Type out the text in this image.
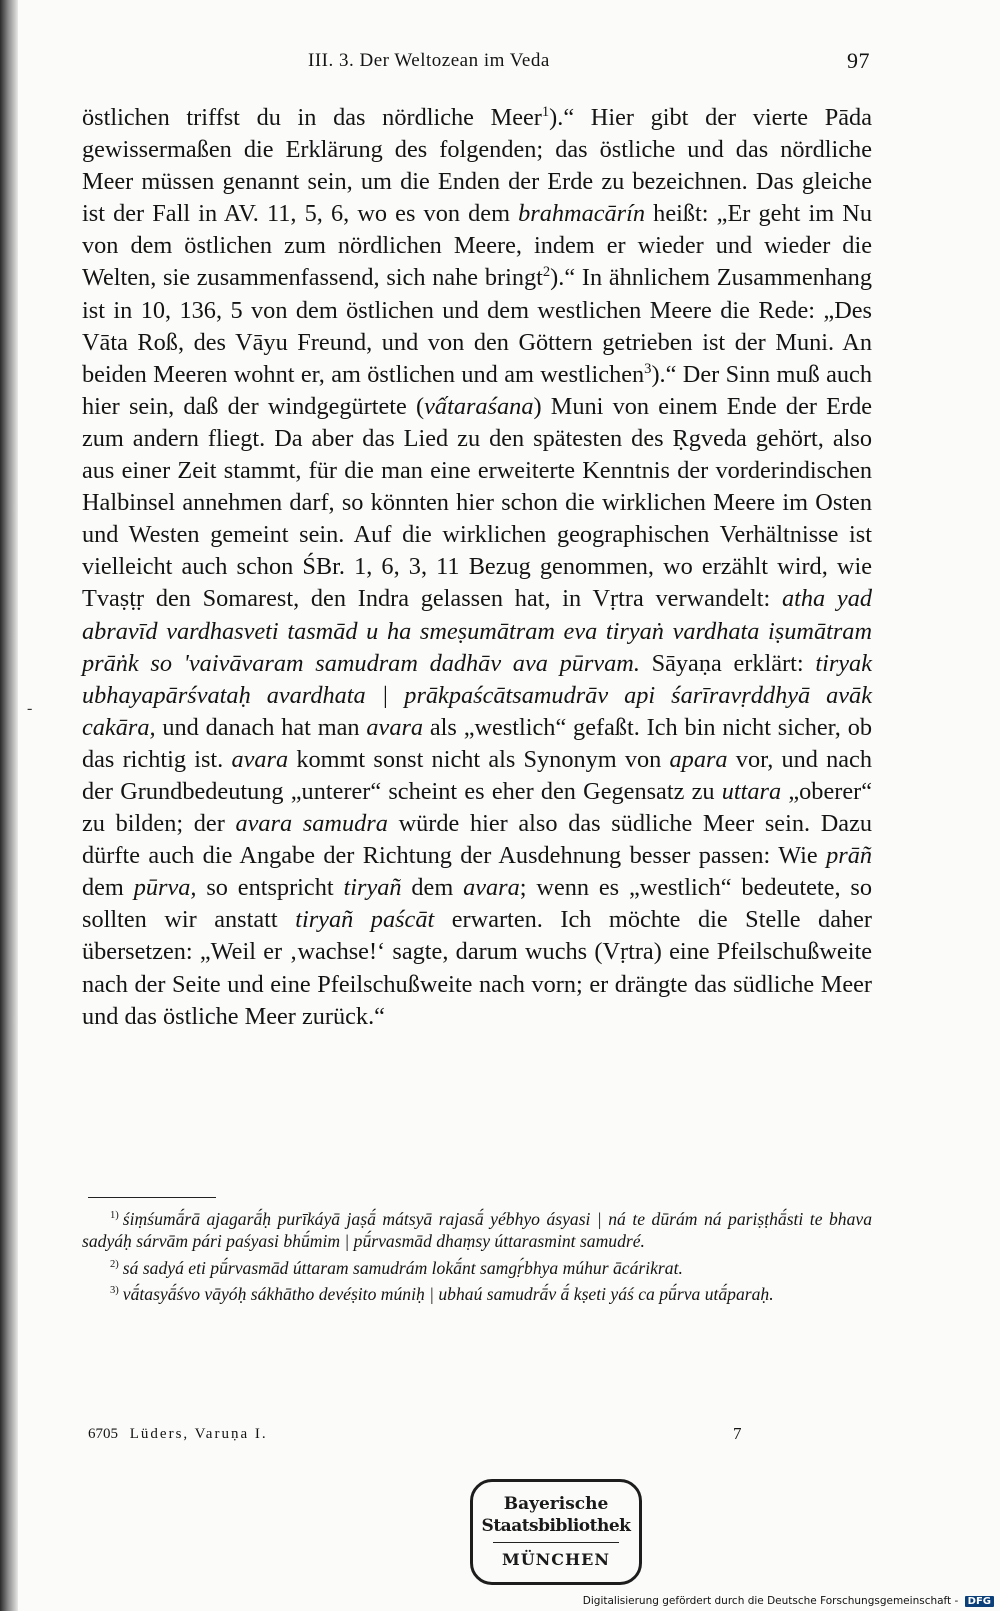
III. 3. Der Weltozean im Veda	97
-

östlichen triffst du in das nördliche Meer$^1$).“ Hier gibt der vierte Pāda gewissermaßen die Erklärung des folgenden; das östliche und das nördliche Meer müssen genannt sein, um die Enden der Erde zu bezeichnen. Das gleiche ist der Fall in AV. 11, 5, 6, wo es von dem brahmacārín heißt: „Er geht im Nu von dem östlichen zum nördlichen Meere, indem er wieder und wieder die Welten, sie zusammenfassend, sich nahe bringt$^2$).“ In ähnlichem Zusammenhang ist in 10, 136, 5 von dem östlichen und dem westlichen Meere die Rede: „Des Vāta Roß, des Vāyu Freund, und von den Göttern getrieben ist der Muni. An beiden Meeren wohnt er, am östlichen und am westlichen$^3$).“ Der Sinn muß auch hier sein, daß der windgegürtete (vấtaraśana) Muni von einem Ende der Erde zum andern fliegt. Da aber das Lied zu den spätesten des Ṛgveda gehört, also aus einer Zeit stammt, für die man eine erweiterte Kenntnis der vorderindischen Halbinsel annehmen darf, so könnten hier schon die wirklichen Meere im Osten und Westen gemeint sein. Auf die wirklichen geographischen Verhältnisse ist vielleicht auch schon ŚBr. 1, 6, 3, 11 Bezug genommen, wo erzählt wird, wie Tvaṣṭṛ den Somarest, den Indra gelassen hat, in Vṛtra verwandelt: atha yad abravīd vardhasveti tasmād u ha smeṣumātram eva tiryaṅ vardhata iṣumātram prāṅk so 'vaivāvaram samudram dadhāv ava pūrvam. Sāyaṇa erklärt: tiryak ubhayapārśvataḥ avardhata | prākpaścātsamudrāv api śarīravṛddhyā avāk cakāra, und danach hat man avara als „westlich“ gefaßt. Ich bin nicht sicher, ob das richtig ist. avara kommt sonst nicht als Synonym von apara vor, und nach der Grundbedeutung „unterer“ scheint es eher den Gegensatz zu uttara „oberer“ zu bilden; der avara samudra würde hier also das südliche Meer sein. Dazu dürfte auch die Angabe der Richtung der Ausdehnung besser passen: Wie prāñ dem pūrva, so entspricht tiryañ dem avara; wenn es „westlich“ bedeutete, so sollten wir anstatt tiryañ paścāt erwarten. Ich möchte die Stelle daher übersetzen: „Weil er ‚wachse!‘ sagte, darum wuchs (Vṛtra) eine Pfeilschußweite nach der Seite und eine Pfeilschußweite nach vorn; er drängte das südliche Meer und das östliche Meer zurück.“

$^{1)}$ śiṃśumā́rā ajagarā́ḥ purīkáyā jaṣā́ mátsyā rajasā́ yébhyo ásyasi | ná te dūrám ná pariṣṭhā́sti te bhava sadyáḥ sárvām pári paśyasi bhū́mim | pū́rvasmād dhaṃsy úttarasmint samudré.

$^{2)}$ sá sadyá eti pū́rvasmād úttaram samudrám lokā́nt samgṛ́bhya múhur ācárikrat.

$^{3)}$ vā́tasyā́śvo vāyóḥ sákhātho devéṣito múniḥ | ubhaú samudrā́v ā́ kṣeti yáś ca pū́rva utā́paraḥ.

6705 Lüders, Varuṇa I.	7
Bayerische
Staatsbibliothek
MÜNCHEN
Digitalisierung gefördert durch die Deutsche Forschungsgemeinschaft - DFG
